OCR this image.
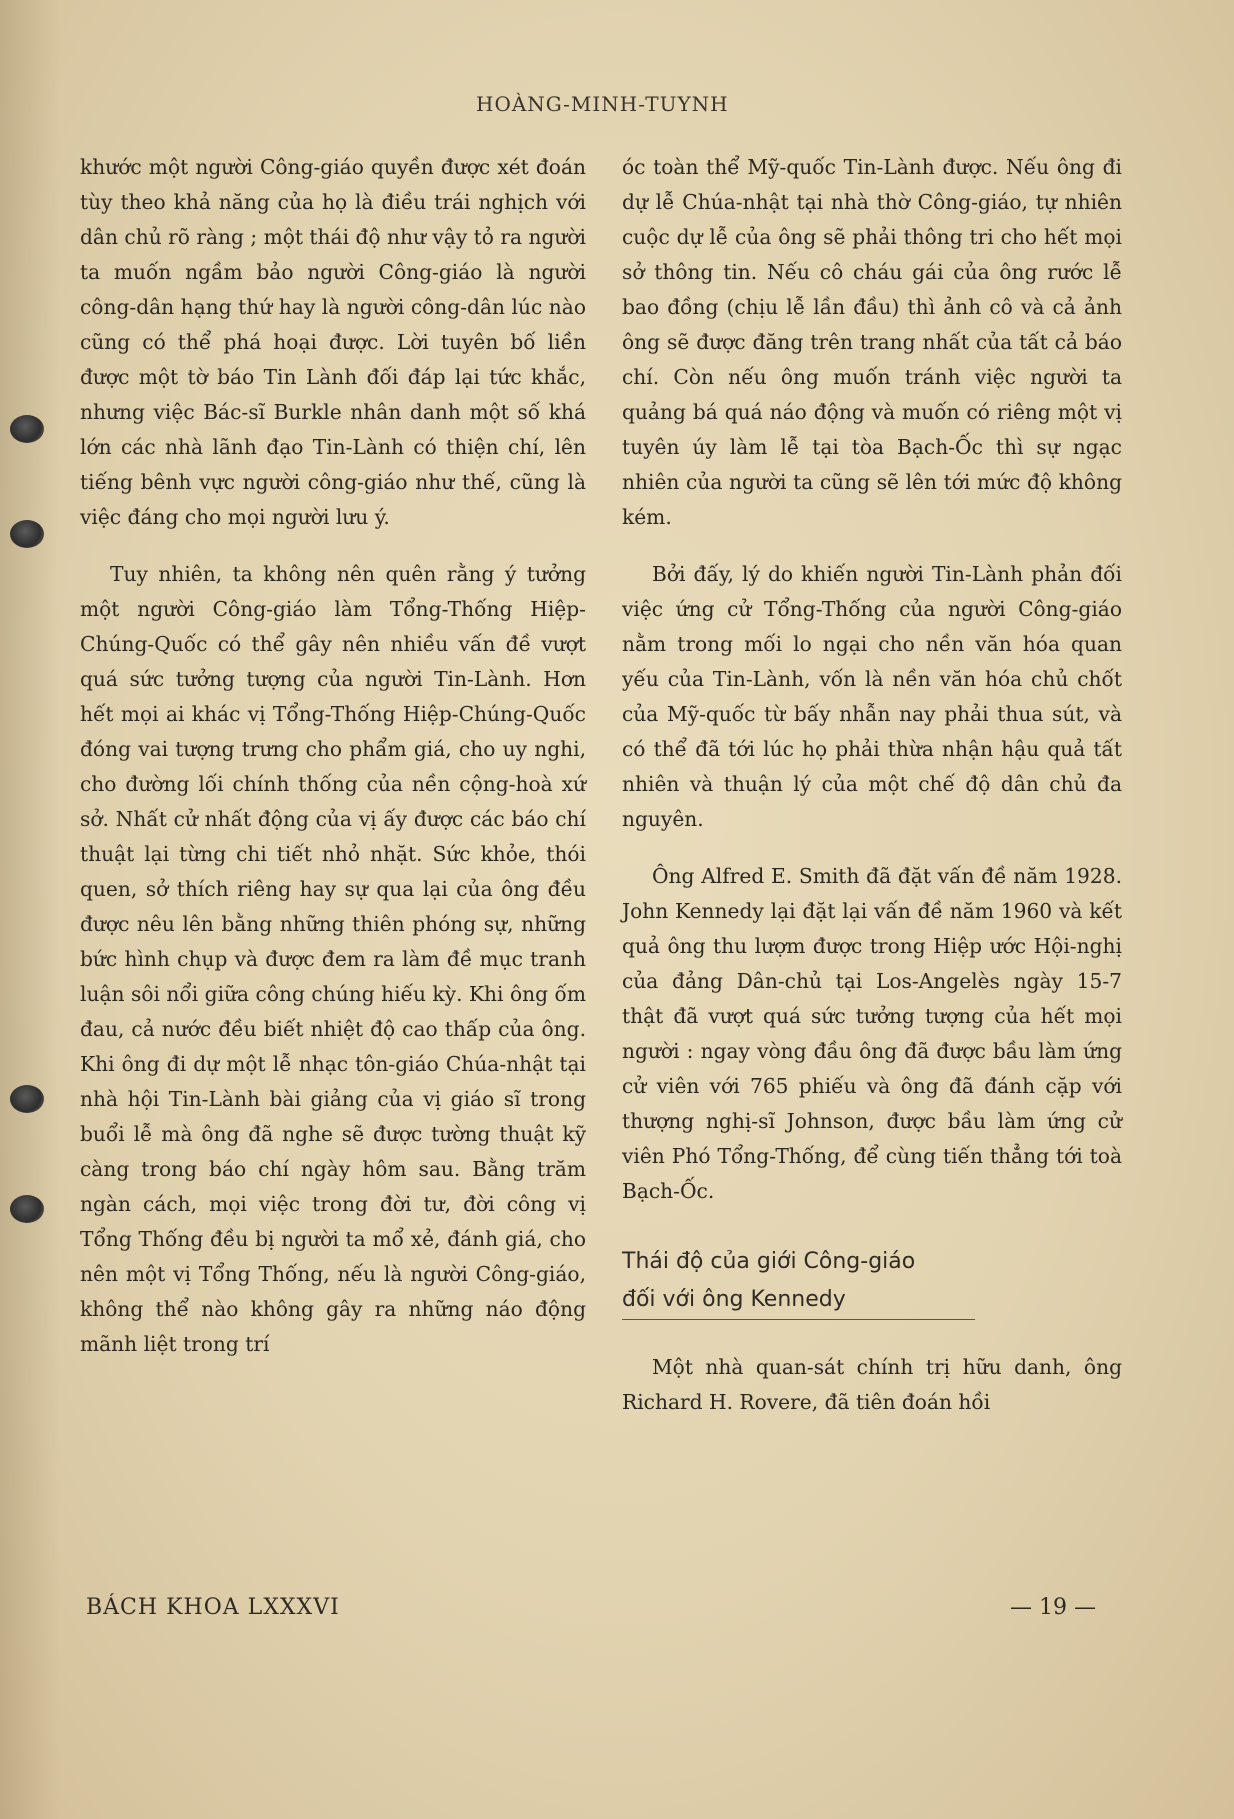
HOÀNG-MINH-TUYNH

khước một người Công-giáo quyền được xét đoán tùy theo khả năng của họ là điều trái nghịch với dân chủ rõ ràng ; một thái độ như vậy tỏ ra người ta muốn ngầm bảo người Công-giáo là người công-dân hạng thứ hay là người công-dân lúc nào cũng có thể phá hoại được. Lời tuyên bố liền được một tờ báo Tin Lành đối đáp lại tức khắc, nhưng việc Bác-sĩ Burkle nhân danh một số khá lớn các nhà lãnh đạo Tin-Lành có thiện chí, lên tiếng bênh vực người công-giáo như thế, cũng là việc đáng cho mọi người lưu ý.

Tuy nhiên, ta không nên quên rằng ý tưởng một người Công-giáo làm Tổng-Thống Hiệp-Chúng-Quốc có thể gây nên nhiều vấn đề vượt quá sức tưởng tượng của người Tin-Lành. Hơn hết mọi ai khác vị Tổng-Thống Hiệp-Chúng-Quốc đóng vai tượng trưng cho phẩm giá, cho uy nghi, cho đường lối chính thống của nền cộng-hoà xứ sở. Nhất cử nhất động của vị ấy được các báo chí thuật lại từng chi tiết nhỏ nhặt. Sức khỏe, thói quen, sở thích riêng hay sự qua lại của ông đều được nêu lên bằng những thiên phóng sự, những bức hình chụp và được đem ra làm đề mục tranh luận sôi nổi giữa công chúng hiếu kỳ. Khi ông ốm đau, cả nước đều biết nhiệt độ cao thấp của ông. Khi ông đi dự một lễ nhạc tôn-giáo Chúa-nhật tại nhà hội Tin-Lành bài giảng của vị giáo sĩ trong buổi lễ mà ông đã nghe sẽ được tường thuật kỹ càng trong báo chí ngày hôm sau. Bằng trăm ngàn cách, mọi việc trong đời tư, đời công vị Tổng Thống đều bị người ta mổ xẻ, đánh giá, cho nên một vị Tổng Thống, nếu là người Công-giáo, không thể nào không gây ra những náo động mãnh liệt trong trí

óc toàn thể Mỹ-quốc Tin-Lành được. Nếu ông đi dự lễ Chúa-nhật tại nhà thờ Công-giáo, tự nhiên cuộc dự lễ của ông sẽ phải thông tri cho hết mọi sở thông tin. Nếu cô cháu gái của ông rước lễ bao đồng (chịu lễ lần đầu) thì ảnh cô và cả ảnh ông sẽ được đăng trên trang nhất của tất cả báo chí. Còn nếu ông muốn tránh việc người ta quảng bá quá náo động và muốn có riêng một vị tuyên úy làm lễ tại tòa Bạch-Ốc thì sự ngạc nhiên của người ta cũng sẽ lên tới mức độ không kém.

Bởi đấy, lý do khiến người Tin-Lành phản đối việc ứng cử Tổng-Thống của người Công-giáo nằm trong mối lo ngại cho nền văn hóa quan yếu của Tin-Lành, vốn là nền văn hóa chủ chốt của Mỹ-quốc từ bấy nhẫn nay phải thua sút, và có thể đã tới lúc họ phải thừa nhận hậu quả tất nhiên và thuận lý của một chế độ dân chủ đa nguyên.

Ông Alfred E. Smith đã đặt vấn đề năm 1928. John Kennedy lại đặt lại vấn đề năm 1960 và kết quả ông thu lượm được trong Hiệp ước Hội-nghị của đảng Dân-chủ tại Los-Angelès ngày 15-7 thật đã vượt quá sức tưởng tượng của hết mọi người : ngay vòng đầu ông đã được bầu làm ứng cử viên với 765 phiếu và ông đã đánh cặp với thượng nghị-sĩ Johnson, được bầu làm ứng cử viên Phó Tổng-Thống, để cùng tiến thẳng tới toà Bạch-Ốc.

Thái độ của giới Công-giáo
đối với ông Kennedy

Một nhà quan-sát chính trị hữu danh, ông Richard H. Rovere, đã tiên đoán hồi

BÁCH KHOA LXXXVI	— 19 —
